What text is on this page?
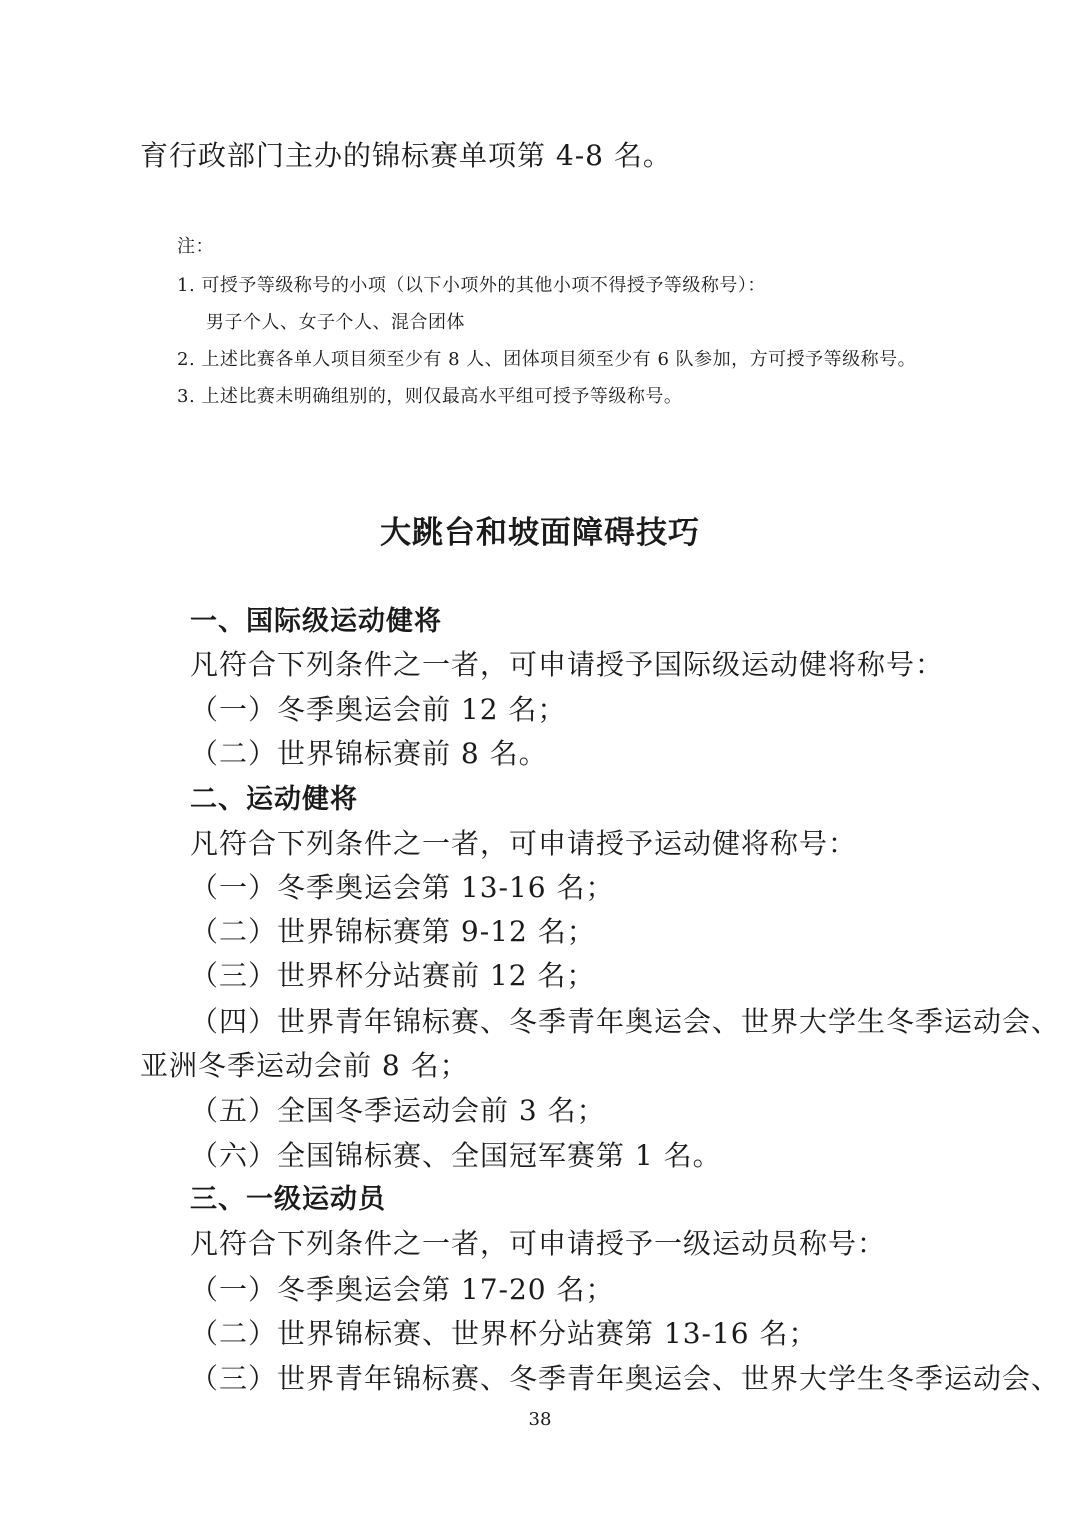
育行政部门主办的锦标赛单项第 4-8 名。
注：
1. 可授予等级称号的小项（以下小项外的其他小项不得授予等级称号）：
男子个人、女子个人、混合团体
2. 上述比赛各单人项目须至少有 8 人、团体项目须至少有 6 队参加，方可授予等级称号。
3. 上述比赛未明确组别的，则仅最高水平组可授予等级称号。
大跳台和坡面障碍技巧
一、国际级运动健将
凡符合下列条件之一者，可申请授予国际级运动健将称号：
（一）冬季奥运会前 12 名；
（二）世界锦标赛前 8 名。
二、运动健将
凡符合下列条件之一者，可申请授予运动健将称号：
（一）冬季奥运会第 13-16 名；
（二）世界锦标赛第 9-12 名；
（三）世界杯分站赛前 12 名；
（四）世界青年锦标赛、冬季青年奥运会、世界大学生冬季运动会、
亚洲冬季运动会前 8 名；
（五）全国冬季运动会前 3 名；
（六）全国锦标赛、全国冠军赛第 1 名。
三、一级运动员
凡符合下列条件之一者，可申请授予一级运动员称号：
（一）冬季奥运会第 17-20 名；
（二）世界锦标赛、世界杯分站赛第 13-16 名；
（三）世界青年锦标赛、冬季青年奥运会、世界大学生冬季运动会、
38
